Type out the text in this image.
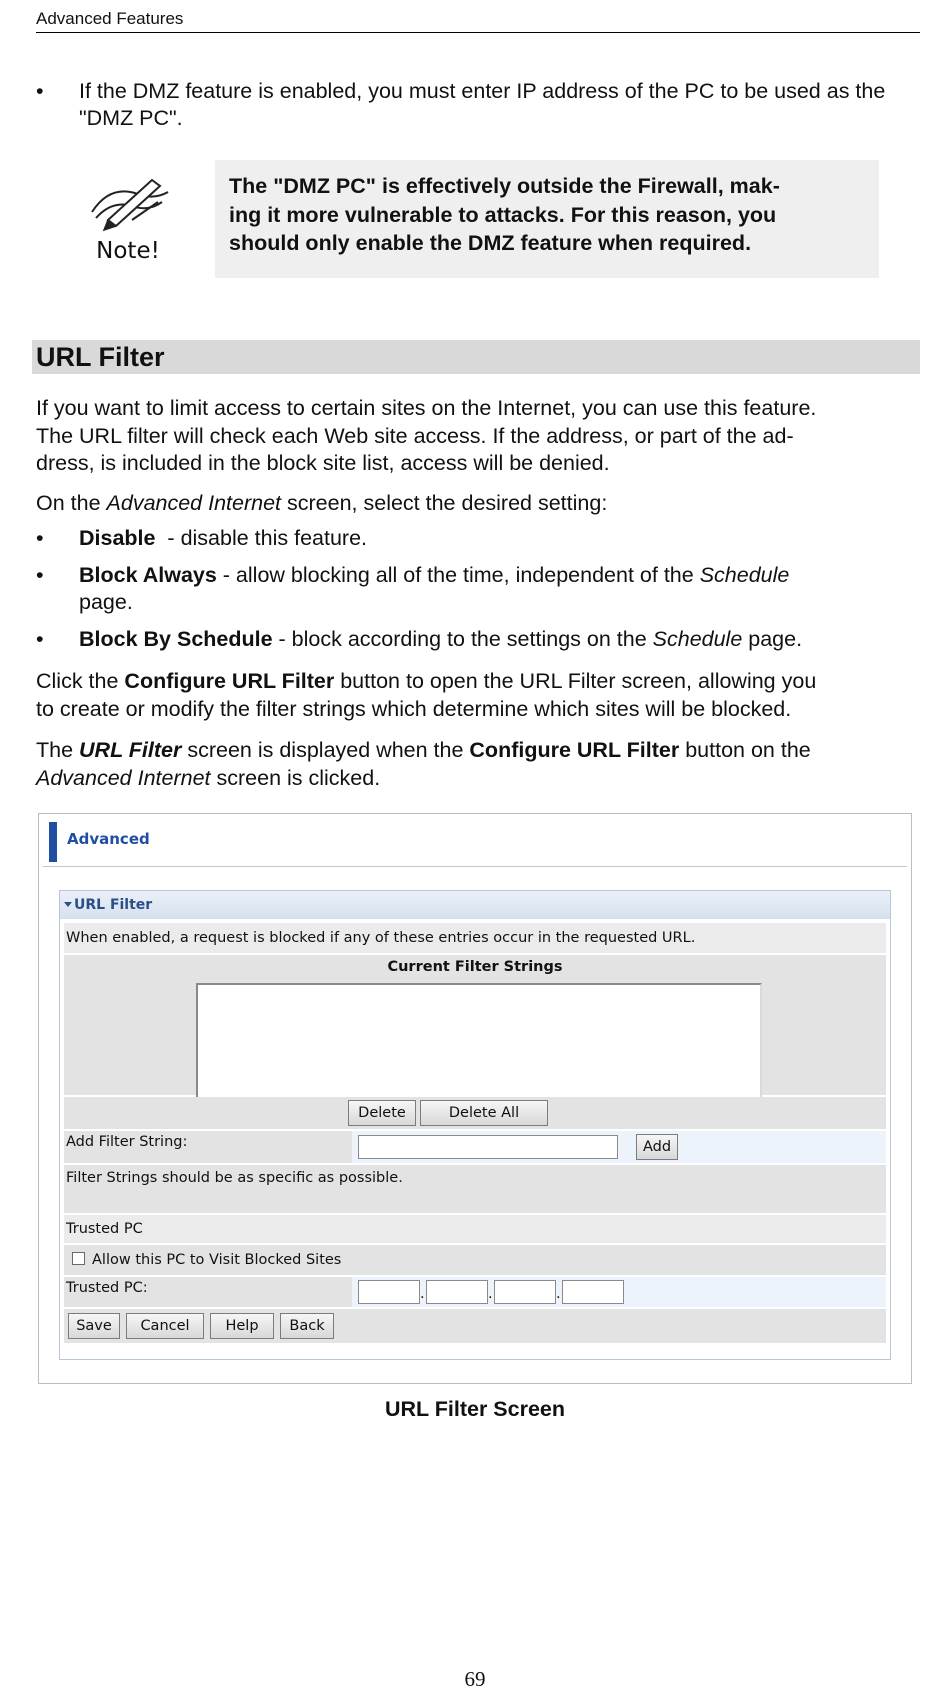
Advanced Features
•	If the DMZ feature is enabled, you must enter IP address of the PC to be used as the "DMZ PC".
Note!
The "DMZ PC" is effectively outside the Firewall, mak-
ing it more vulnerable to attacks. For this reason, you
should only enable the DMZ feature when required.
URL Filter
If you want to limit access to certain sites on the Internet, you can use this feature.
The URL filter will check each Web site access. If the address, or part of the ad-
dress, is included in the block site list, access will be denied.
On the Advanced Internet screen, select the desired setting:
•	Disable  - disable this feature.
•	Block Always - allow blocking all of the time, independent of the Schedule
page.
•	Block By Schedule - block according to the settings on the Schedule page.
Click the Configure URL Filter button to open the URL Filter screen, allowing you
to create or modify the filter strings which determine which sites will be blocked.
The URL Filter screen is displayed when the Configure URL Filter button on the
Advanced Internet screen is clicked.
Advanced
URL Filter
When enabled, a request is blocked if any of these entries occur in the requested URL.
Current Filter Strings
Delete	Delete All
Add Filter String:	Add
Filter Strings should be as specific as possible.
Trusted PC
Allow this PC to Visit Blocked Sites
Trusted PC:	.	.	.
Save	Cancel	Help	Back
URL Filter Screen
69
